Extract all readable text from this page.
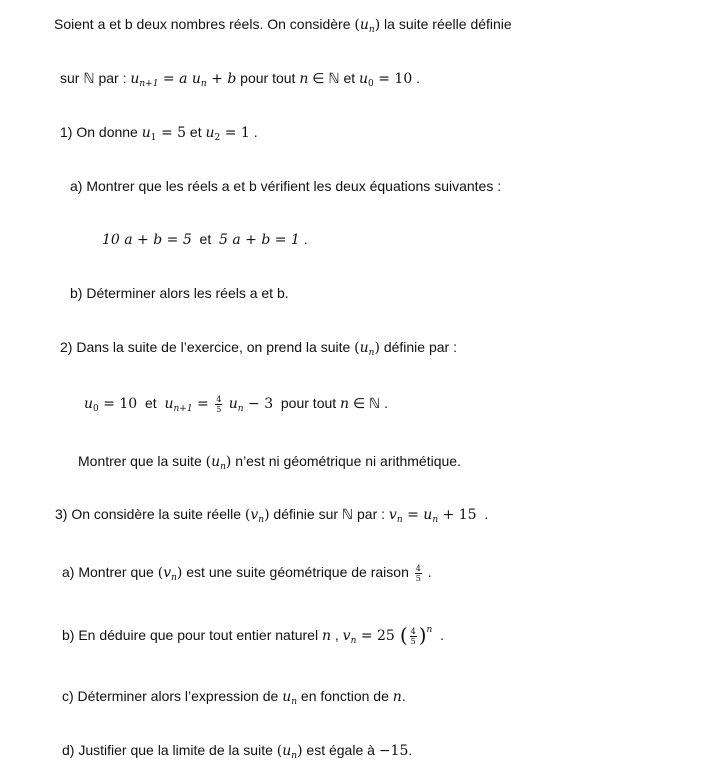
Soient a et b deux nombres réels. On considère $(u_n)$ la suite réelle définie
sur ℕ par : $u_{n+1} = a$ $u_n + b$ pour tout n ∈ ℕ et $u_0 = 10$ .
1) On donne $u_1 = 5$ et $u_2 = 1$ .
a) Montrer que les réels a et b vérifient les deux équations suivantes :
10 a + b = 5  et  5 a + b = 1 .
b) Déterminer alors les réels a et b.
2) Dans la suite de l’exercice, on prend la suite $(u_n)$ définie par :
$u_0 = 10$  et  $u_{n+1} = \frac{4}{5} u_n - 3$  pour tout n ∈ ℕ .
Montrer que la suite $(u_n)$ n’est ni géométrique ni arithmétique.
3) On considère la suite réelle $(v_n)$ définie sur ℕ par : $v_n = u_n + 15$  .
a) Montrer que $(v_n)$ est une suite géométrique de raison $\frac{4}{5}$ .
b) En déduire que pour tout entier naturel n , $v_n = 25$ ( $\frac{4}{5} )^n$  .
c) Déterminer alors l’expression de $u_n$ en fonction de n.
d) Justifier que la limite de la suite $(u_n)$ est égale à −15.
